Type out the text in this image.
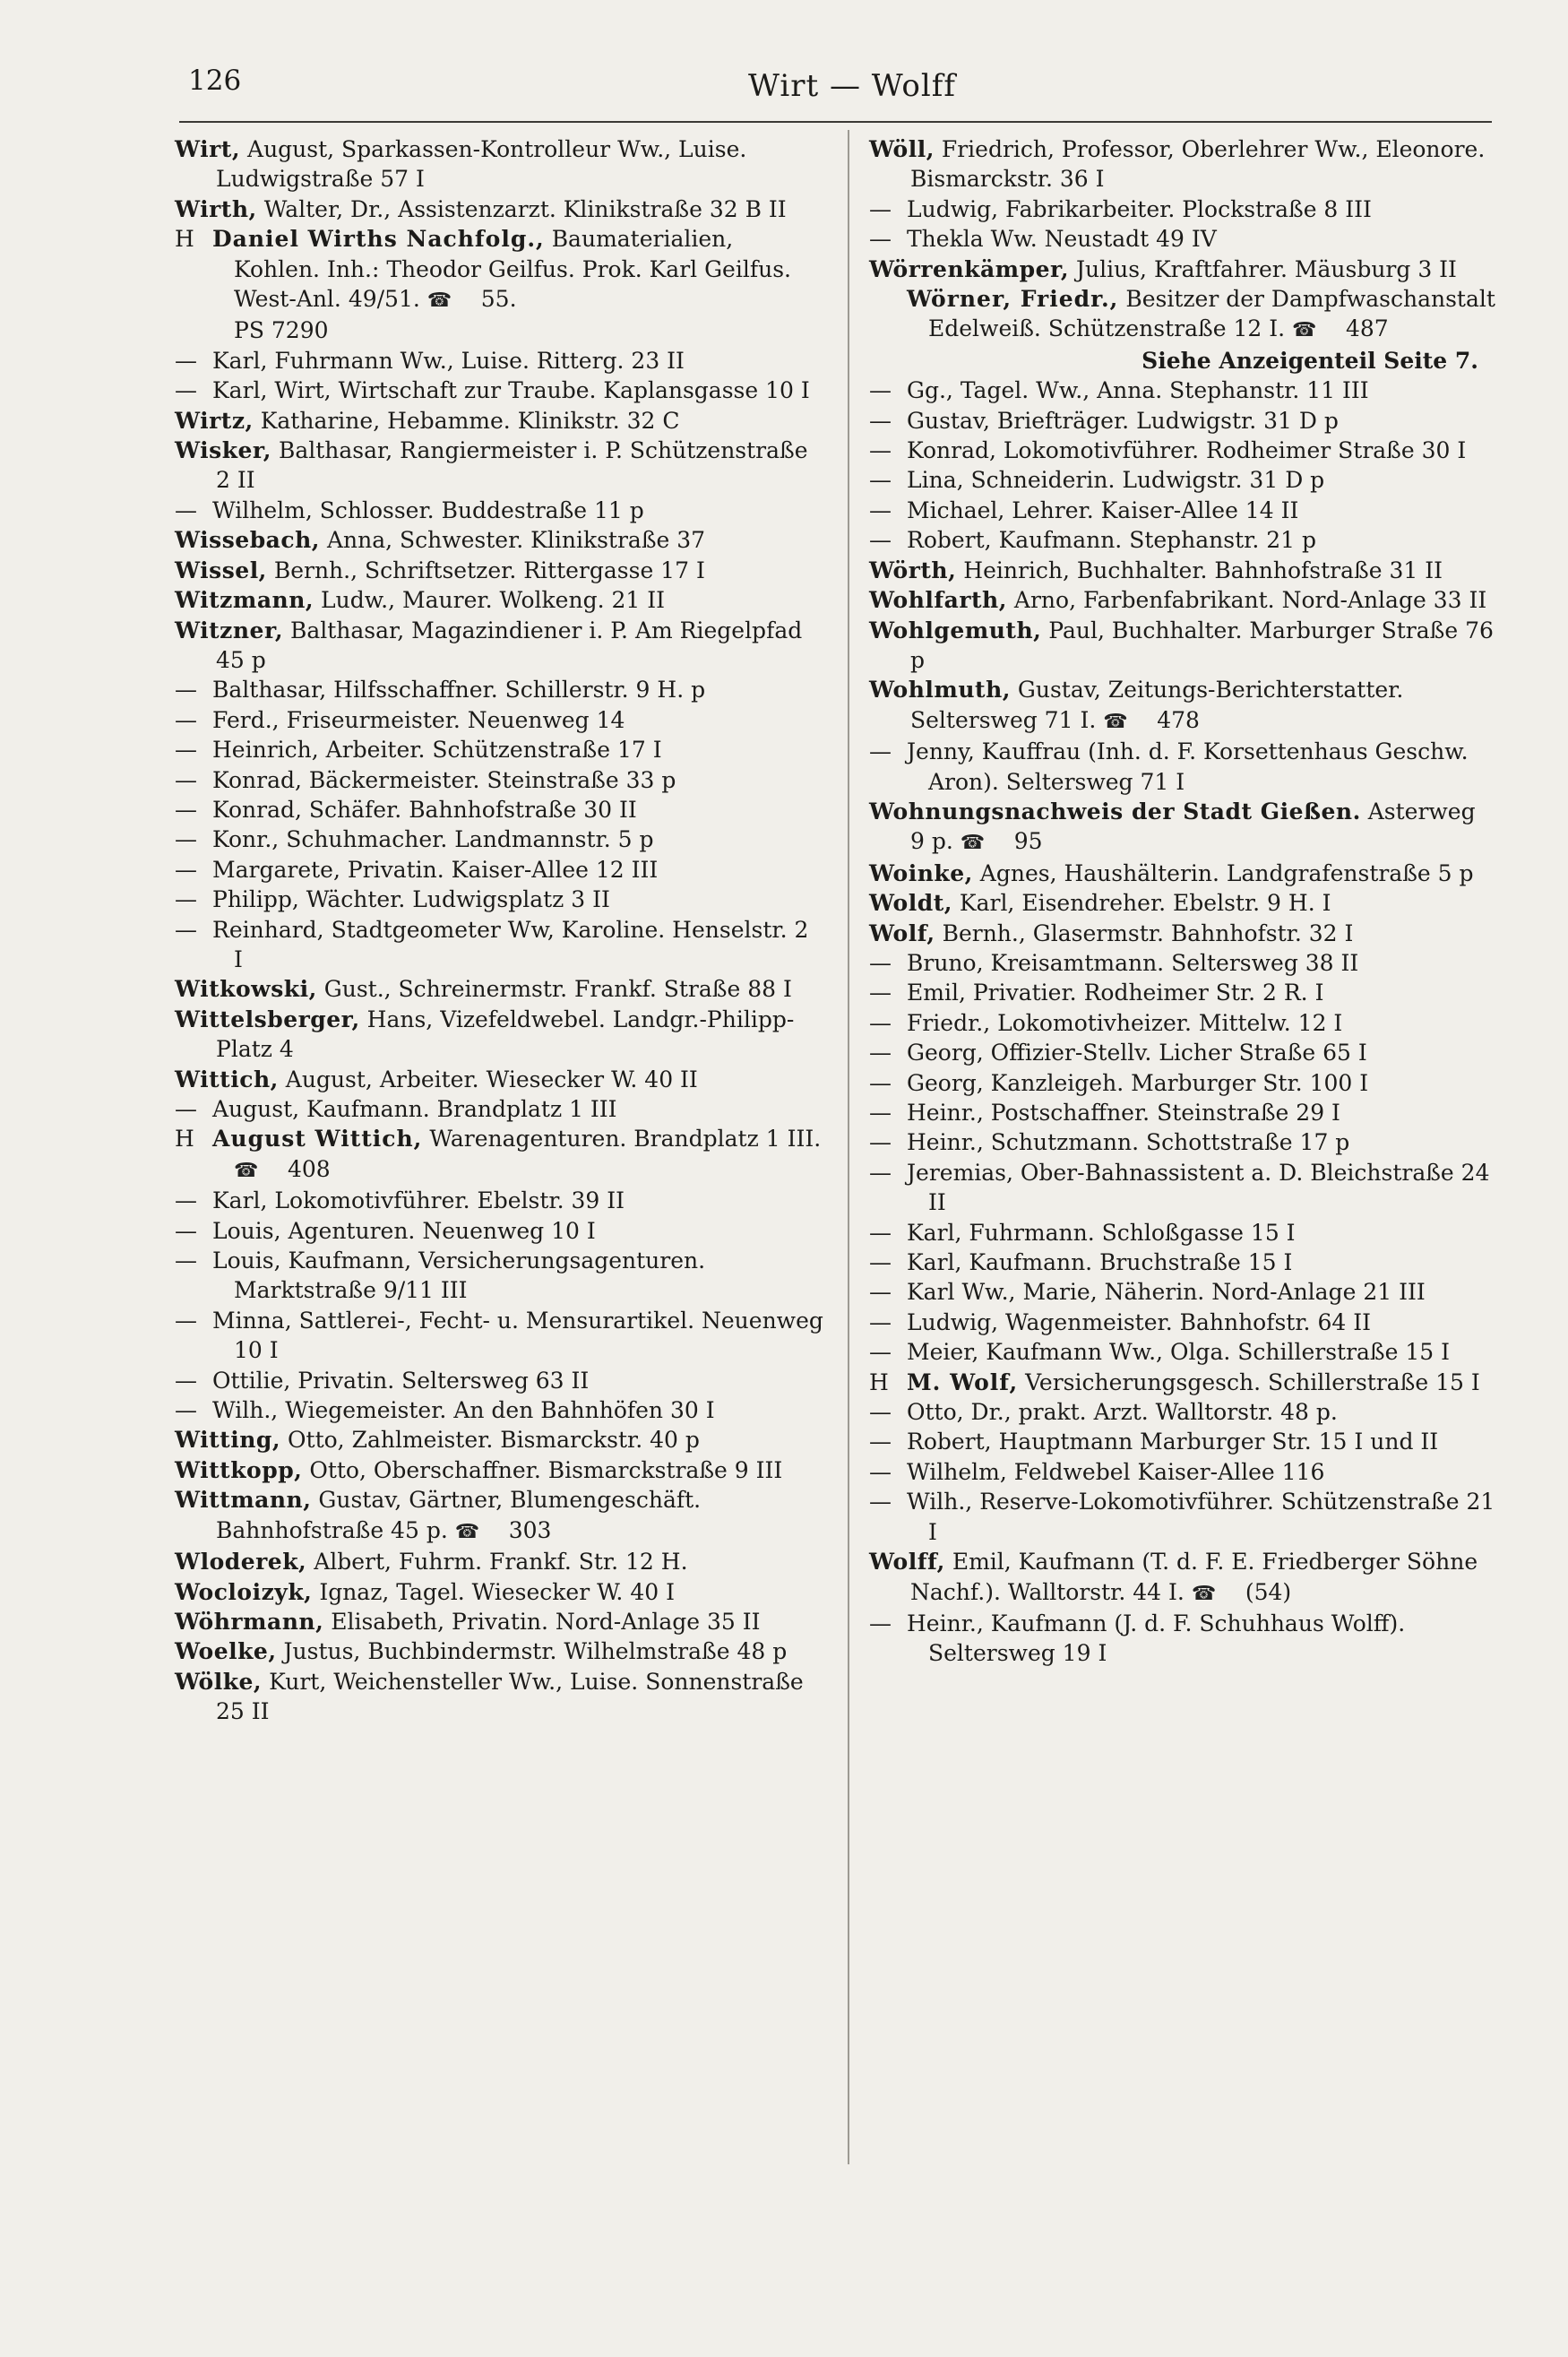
126	Wirt — Wolff
Wirt, August, Sparkassen-Kontrolleur Ww., Luise. Ludwigstraße 57 I
Wirth, Walter, Dr., Assistenzarzt. Klinikstraße 32 B II
H Daniel Wirths Nachfolg., Baumaterialien, Kohlen. Inh.: Theodor Geilfus. Prok. Karl Geilfus. West-Anl. 49/51. ☎ 55.
PS 7290
— Karl, Fuhrmann Ww., Luise. Ritterg. 23 II
— Karl, Wirt, Wirtschaft zur Traube. Kaplansgasse 10 I
Wirtz, Katharine, Hebamme. Klinikstr. 32 C
Wisker, Balthasar, Rangiermeister i. P. Schützenstraße 2 II
— Wilhelm, Schlosser. Buddestraße 11 p
Wissebach, Anna, Schwester. Klinikstraße 37
Wissel, Bernh., Schriftsetzer. Rittergasse 17 I
Witzmann, Ludw., Maurer. Wolkeng. 21 II
Witzner, Balthasar, Magazindiener i. P. Am Riegelpfad 45 p
— Balthasar, Hilfsschaffner. Schillerstr. 9 H. p
— Ferd., Friseurmeister. Neuenweg 14
— Heinrich, Arbeiter. Schützenstraße 17 I
— Konrad, Bäckermeister. Steinstraße 33 p
— Konrad, Schäfer. Bahnhofstraße 30 II
— Konr., Schuhmacher. Landmannstr. 5 p
— Margarete, Privatin. Kaiser-Allee 12 III
— Philipp, Wächter. Ludwigsplatz 3 II
— Reinhard, Stadtgeometer Ww, Karoline. Henselstr. 2 I
Witkowski, Gust., Schreinermstr. Frankf. Straße 88 I
Wittelsberger, Hans, Vizefeldwebel. Landgr.-Philipp-Platz 4
Wittich, August, Arbeiter. Wiesecker W. 40 II
— August, Kaufmann. Brandplatz 1 III
H August Wittich, Warenagenturen. Brandplatz 1 III. ☎ 408
— Karl, Lokomotivführer. Ebelstr. 39 II
— Louis, Agenturen. Neuenweg 10 I
— Louis, Kaufmann, Versicherungsagenturen. Marktstraße 9/11 III
— Minna, Sattlerei-, Fecht- u. Mensurartikel. Neuenweg 10 I
— Ottilie, Privatin. Seltersweg 63 II
— Wilh., Wiegemeister. An den Bahnhöfen 30 I
Witting, Otto, Zahlmeister. Bismarckstr. 40 p
Wittkopp, Otto, Oberschaffner. Bismarckstraße 9 III
Wittmann, Gustav, Gärtner, Blumengeschäft. Bahnhofstraße 45 p. ☎ 303
Wloderek, Albert, Fuhrm. Frankf. Str. 12 H.
Wocloizyk, Ignaz, Tagel. Wiesecker W. 40 I
Wöhrmann, Elisabeth, Privatin. Nord-Anlage 35 II
Woelke, Justus, Buchbindermstr. Wilhelmstraße 48 p
Wölke, Kurt, Weichensteller Ww., Luise. Sonnenstraße 25 II
Wöll, Friedrich, Professor, Oberlehrer Ww., Eleonore. Bismarckstr. 36 I
— Ludwig, Fabrikarbeiter. Plockstraße 8 III
— Thekla Ww. Neustadt 49 IV
Wörrenkämper, Julius, Kraftfahrer. Mäusburg 3 II
Wörner, Friedr., Besitzer der Dampfwaschanstalt Edelweiß. Schützenstraße 12 I. ☎ 487
Siehe Anzeigenteil Seite 7.
— Gg., Tagel. Ww., Anna. Stephanstr. 11 III
— Gustav, Briefträger. Ludwigstr. 31 D p
— Konrad, Lokomotivführer. Rodheimer Straße 30 I
— Lina, Schneiderin. Ludwigstr. 31 D p
— Michael, Lehrer. Kaiser-Allee 14 II
— Robert, Kaufmann. Stephanstr. 21 p
Wörth, Heinrich, Buchhalter. Bahnhofstraße 31 II
Wohlfarth, Arno, Farbenfabrikant. Nord-Anlage 33 II
Wohlgemuth, Paul, Buchhalter. Marburger Straße 76 p
Wohlmuth, Gustav, Zeitungs-Berichterstatter. Seltersweg 71 I. ☎ 478
— Jenny, Kauffrau (Inh. d. F. Korsettenhaus Geschw. Aron). Seltersweg 71 I
Wohnungsnachweis der Stadt Gießen. Asterweg 9 p. ☎ 95
Woinke, Agnes, Haushälterin. Landgrafenstraße 5 p
Woldt, Karl, Eisendreher. Ebelstr. 9 H. I
Wolf, Bernh., Glasermstr. Bahnhofstr. 32 I
— Bruno, Kreisamtmann. Seltersweg 38 II
— Emil, Privatier. Rodheimer Str. 2 R. I
— Friedr., Lokomotivheizer. Mittelw. 12 I
— Georg, Offizier-Stellv. Licher Straße 65 I
— Georg, Kanzleigeh. Marburger Str. 100 I
— Heinr., Postschaffner. Steinstraße 29 I
— Heinr., Schutzmann. Schottstraße 17 p
— Jeremias, Ober-Bahnassistent a. D. Bleichstraße 24 II
— Karl, Fuhrmann. Schloßgasse 15 I
— Karl, Kaufmann. Bruchstraße 15 I
— Karl Ww., Marie, Näherin. Nord-Anlage 21 III
— Ludwig, Wagenmeister. Bahnhofstr. 64 II
— Meier, Kaufmann Ww., Olga. Schillerstraße 15 I
H M. Wolf, Versicherungsgesch. Schillerstraße 15 I
— Otto, Dr., prakt. Arzt. Walltorstr. 48 p.
— Robert, Hauptmann Marburger Str. 15 I und II
— Wilhelm, Feldwebel Kaiser-Allee 116
— Wilh., Reserve-Lokomotivführer. Schützenstraße 21 I
Wolff, Emil, Kaufmann (T. d. F. E. Friedberger Söhne Nachf.). Walltorstr. 44 I. ☎ (54)
— Heinr., Kaufmann (J. d. F. Schuhhaus Wolff). Seltersweg 19 I
